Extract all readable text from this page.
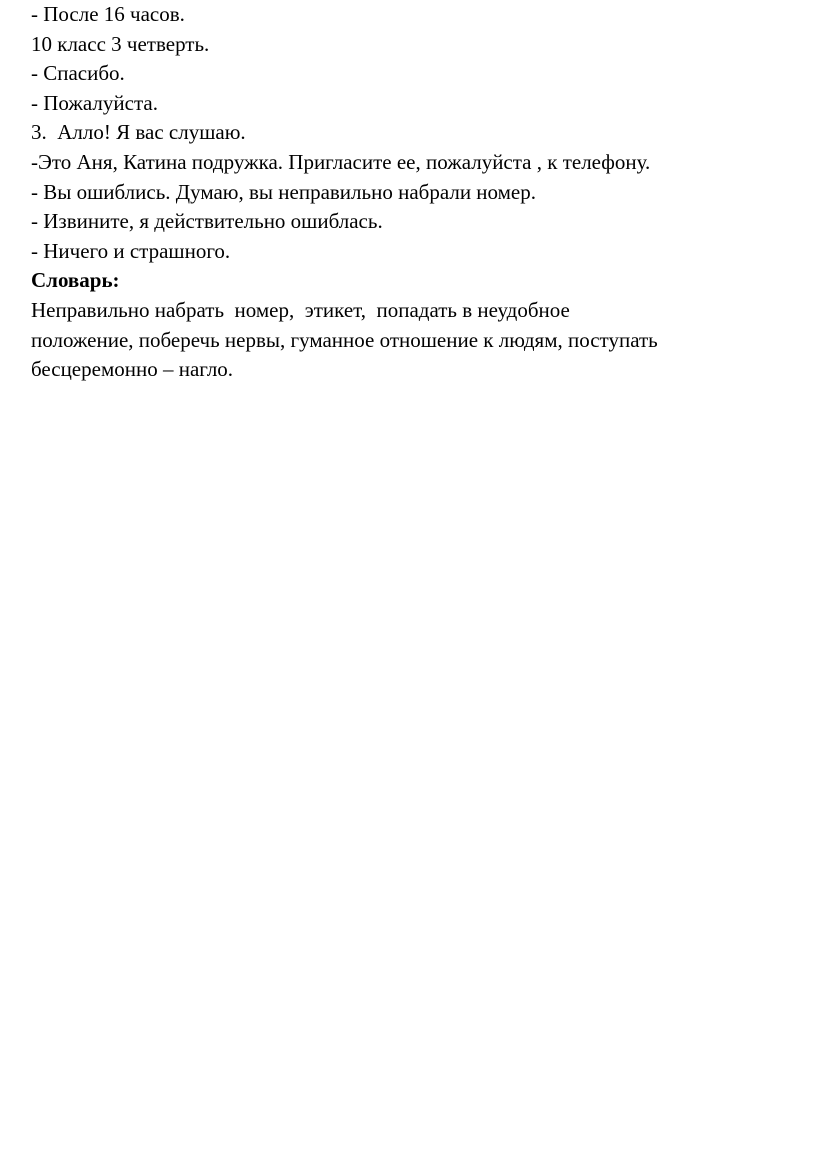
- После 16 часов.
10 класс 3 четверть.
- Спасибо.
- Пожалуйста.
3.  Алло! Я вас слушаю.
-Это Аня, Катина подружка. Пригласите ее, пожалуйста , к телефону.
- Вы ошиблись. Думаю, вы неправильно набрали номер.
- Извините, я действительно ошиблась.
- Ничего и страшного.
Словарь:
Неправильно набрать  номер,  этикет,  попадать в неудобное
положение, поберечь нервы, гуманное отношение к людям, поступать
бесцеремонно – нагло.
